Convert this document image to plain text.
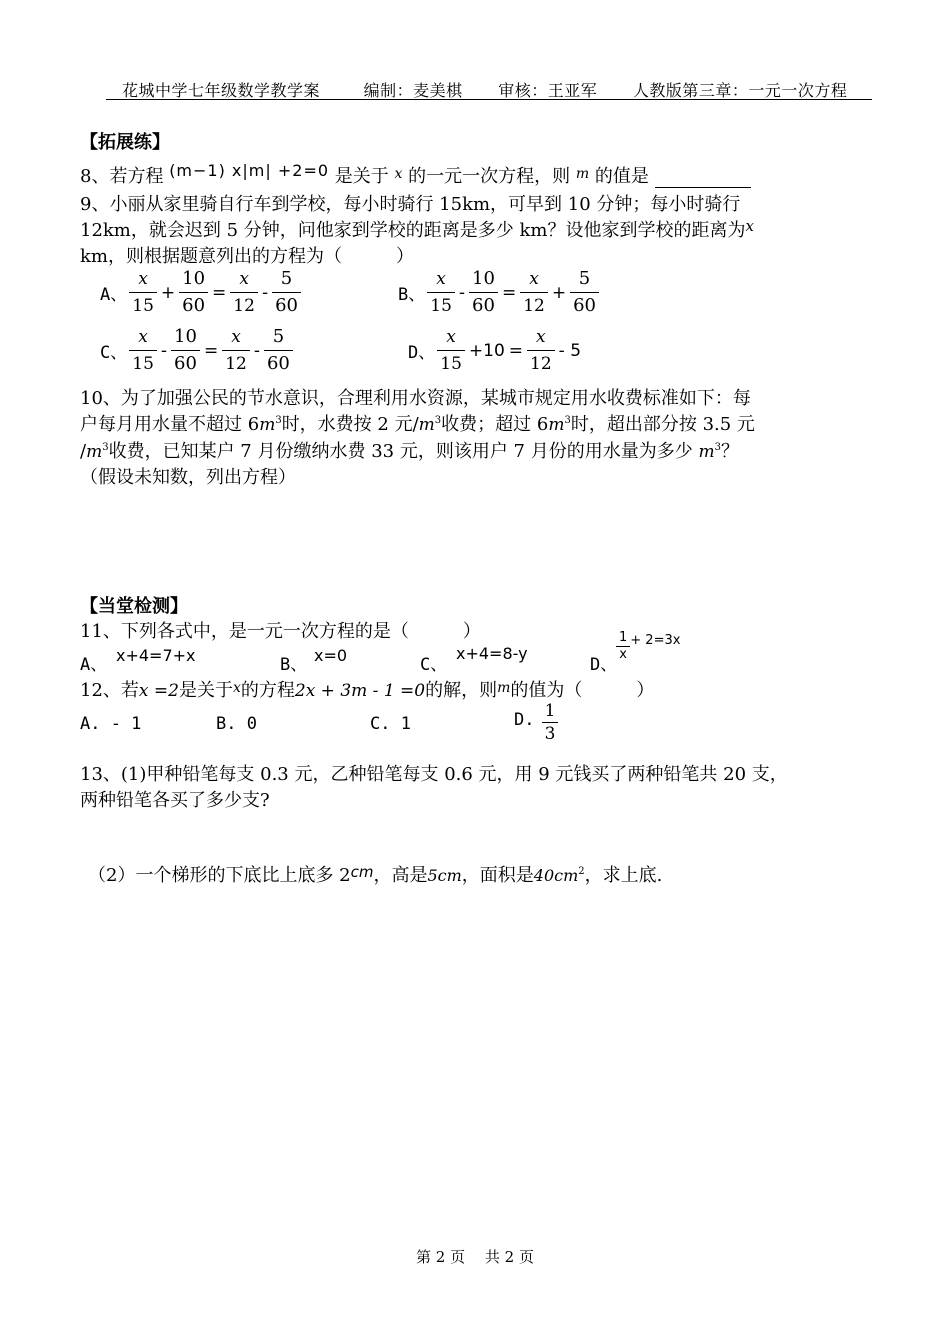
花城中学七年级数学教学案	编制：麦美棋 审核：王亚军 人教版第三章：一元一次方程
【拓展练】
8、若方程 (m−1) x|m| +2=0 是关于 $^x$ 的一元一次方程，则 $^m$ 的值是
9、小丽从家里骑自行车到学校，每小时骑行 15km，可早到 10 分钟；每小时骑行
12km，就会迟到 5 分钟，问他家到学校的距离是多少 km？设他家到学校的距离为$^x$
km，则根据题意列出的方程为（　　　）
A、 $\frac{x}{15} + \frac{10}{60} = \frac{x}{12} - \frac{5}{60}$	B、 $\frac{x}{15} - \frac{10}{60} = \frac{x}{12} + \frac{5}{60}$
C、 $\frac{x}{15} - \frac{10}{60} = \frac{x}{12} - \frac{5}{60}$	D、 $\frac{x}{15} +10 = \frac{x}{12} - 5$
10、为了加强公民的节水意识，合理利用水资源，某城市规定用水收费标准如下：每
户每月用水量不超过 $6m^3$时，水费按 2 元$/m^3$收费；超过 $6m^3$时，超出部分按 3.5 元
$/m^3$收费，已知某户 7 月份缴纳水费 33 元，则该用户 7 月份的用水量为多少 $m^3$？
（假设未知数，列出方程）
【当堂检测】
11、下列各式中，是一元一次方程的是（　　　）
A、 x+4=7+x	B、 x=0	C、
x+4=8-y
D、
$\frac{1}{x} + 2=3x$
12、若x =2是关于$^x$的方程2x + 3m - 1 =0的解，则$^m$的值为（　　　）
A. - 1	B. 0	C. 1	D. $\frac{1}{3}$
13、(1)甲种铅笔每支 0.3 元，乙种铅笔每支 0.6 元，用 9 元钱买了两种铅笔共 20 支，
两种铅笔各买了多少支?
（2）一个梯形的下底比上底多 $2^{cm}$，高是5cm，面积是$40cm^2$，求上底.
第 2 页　 共 2 页
